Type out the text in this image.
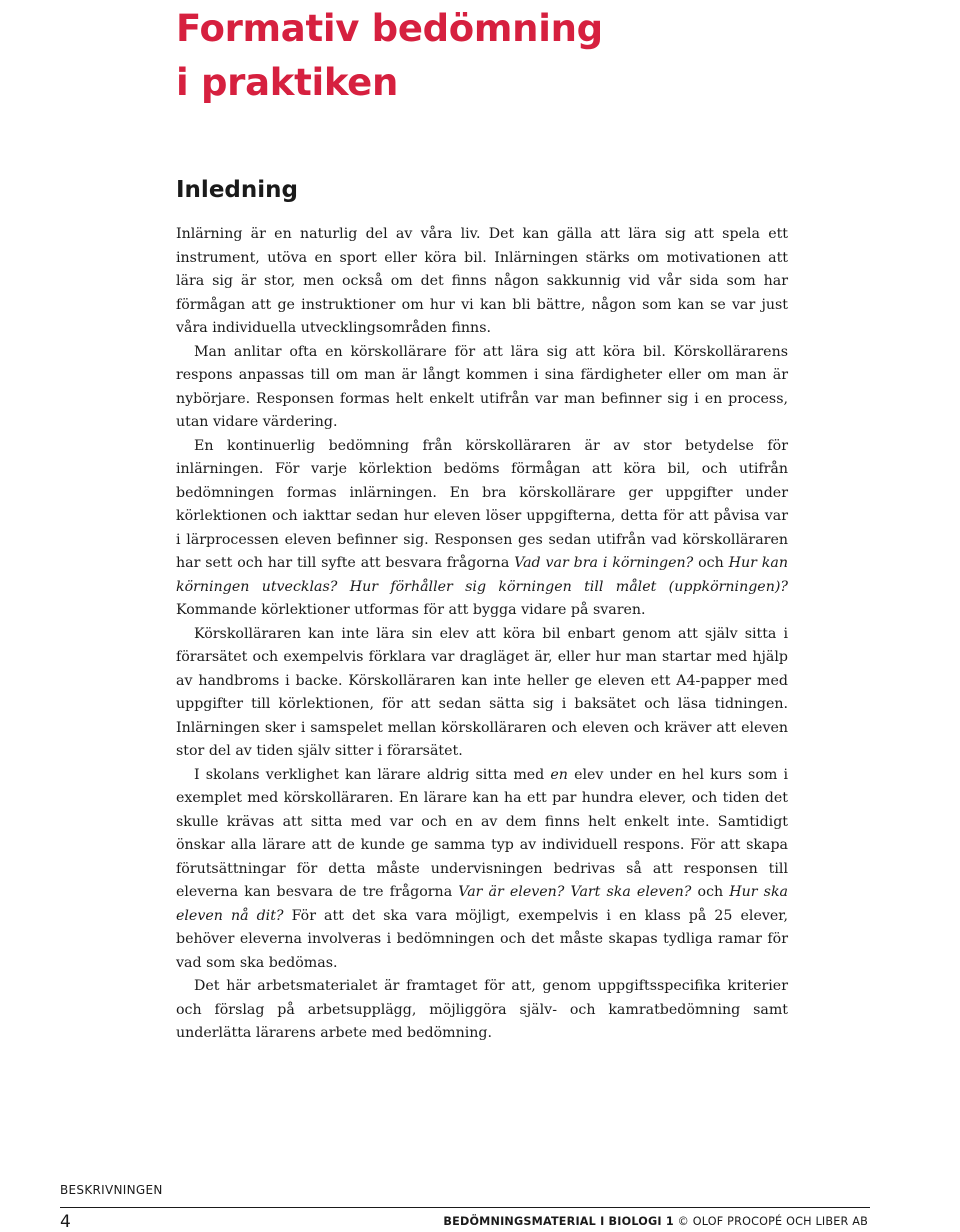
Formativ bedömning
i praktiken
Inledning

Inlärning är en naturlig del av våra liv. Det kan gälla att lära sig att spela ett instrument, utöva en sport eller köra bil. Inlärningen stärks om motivationen att lära sig är stor, men också om det finns någon sakkunnig vid vår sida som har förmågan att ge instruktioner om hur vi kan bli bättre, någon som kan se var just våra individuella utvecklingsområden finns.

Man anlitar ofta en körskollärare för att lära sig att köra bil. Körskollärarens respons anpassas till om man är långt kommen i sina färdigheter eller om man är nybörjare. Responsen formas helt enkelt utifrån var man befinner sig i en process, utan vidare värdering.

En kontinuerlig bedömning från körskolläraren är av stor betydelse för inlärningen. För varje körlektion bedöms förmågan att köra bil, och utifrån bedömningen formas inlärningen. En bra körskollärare ger uppgifter under körlektionen och iakttar sedan hur eleven löser uppgifterna, detta för att påvisa var i lärprocessen eleven befinner sig. Responsen ges sedan utifrån vad körskolläraren har sett och har till syfte att besvara frågorna Vad var bra i körningen? och Hur kan körningen utvecklas? Hur förhåller sig körningen till målet (uppkörningen)? Kommande körlektioner utformas för att bygga vidare på svaren.

Körskolläraren kan inte lära sin elev att köra bil enbart genom att själv sitta i förarsätet och exempelvis förklara var dragläget är, eller hur man startar med hjälp av handbroms i backe. Körskolläraren kan inte heller ge eleven ett A4-papper med uppgifter till körlektionen, för att sedan sätta sig i baksätet och läsa tidningen. Inlärningen sker i samspelet mellan körskolläraren och eleven och kräver att eleven stor del av tiden själv sitter i förarsätet.

I skolans verklighet kan lärare aldrig sitta med en elev under en hel kurs som i exemplet med körskolläraren. En lärare kan ha ett par hundra elever, och tiden det skulle krävas att sitta med var och en av dem finns helt enkelt inte. Samtidigt önskar alla lärare att de kunde ge samma typ av individuell respons. För att skapa förutsättningar för detta måste undervisningen bedrivas så att responsen till eleverna kan besvara de tre frågorna Var är eleven? Vart ska eleven? och Hur ska eleven nå dit? För att det ska vara möjligt, exempelvis i en klass på 25 elever, behöver eleverna involveras i bedömningen och det måste skapas tydliga ramar för vad som ska bedömas.

Det här arbetsmaterialet är framtaget för att, genom uppgiftsspecifika kriterier och förslag på arbetsupplägg, möjliggöra själv- och kamratbedömning samt underlätta lärarens arbete med bedömning.

BESKRIVNINGEN
4	BEDÖMNINGSMATERIAL I BIOLOGI 1 © OLOF PROCOPÉ OCH LIBER AB
